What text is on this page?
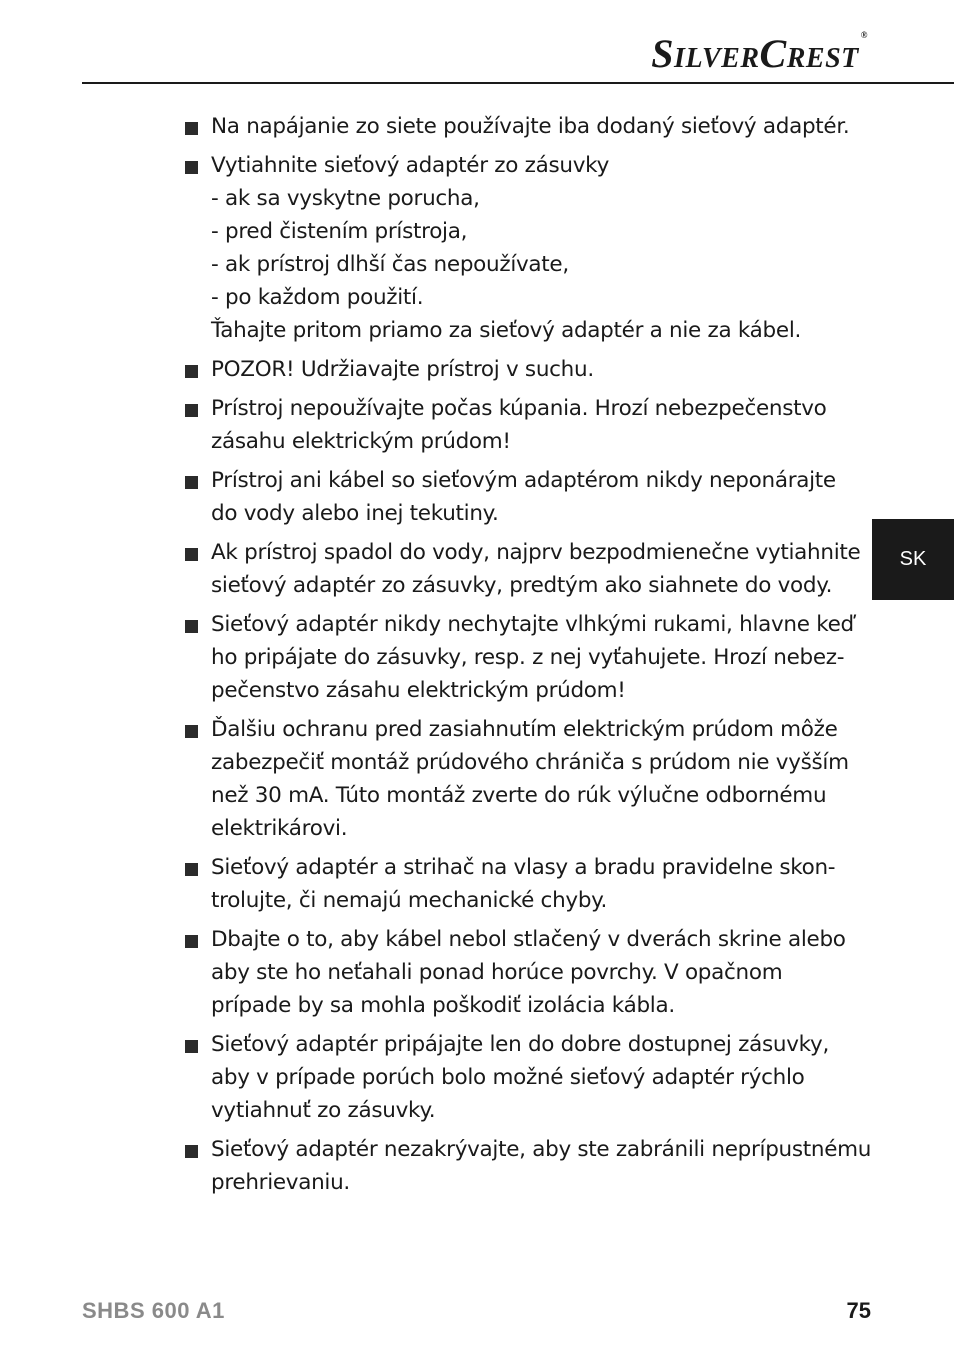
SILVERCREST®
SK
Na napájanie zo siete používajte iba dodaný sieťový adaptér.
Vytiahnite sieťový adaptér zo zásuvky
- ak sa vyskytne porucha,
- pred čistením prístroja,
- ak prístroj dlhší čas nepoužívate,
- po každom použití.
Ťahajte pritom priamo za sieťový adaptér a nie za kábel.
POZOR! Udržiavajte prístroj v suchu.
Prístroj nepoužívajte počas kúpania. Hrozí nebezpečenstvo
zásahu elektrickým prúdom!
Prístroj ani kábel so sieťovým adaptérom nikdy neponárajte
do vody alebo inej tekutiny.
Ak prístroj spadol do vody, najprv bezpodmienečne vytiahnite
sieťový adaptér zo zásuvky, predtým ako siahnete do vody.
Sieťový adaptér nikdy nechytajte vlhkými rukami, hlavne keď
ho pripájate do zásuvky, resp. z nej vyťahujete. Hrozí nebez-
pečenstvo zásahu elektrickým prúdom!
Ďalšiu ochranu pred zasiahnutím elektrickým prúdom môže
zabezpečiť montáž prúdového chrániča s prúdom nie vyšším
než 30 mA. Túto montáž zverte do rúk výlučne odbornému
elektrikárovi.
Sieťový adaptér a strihač na vlasy a bradu pravidelne skon-
trolujte, či nemajú mechanické chyby.
Dbajte o to, aby kábel nebol stlačený v dverách skrine alebo
aby ste ho neťahali ponad horúce povrchy. V opačnom
prípade by sa mohla poškodiť izolácia kábla.
Sieťový adaptér pripájajte len do dobre dostupnej zásuvky,
aby v prípade porúch bolo možné sieťový adaptér rýchlo
vytiahnuť zo zásuvky.
Sieťový adaptér nezakrývajte, aby ste zabránili neprípustnému
prehrievaniu.
SHBS 600 A1	75
